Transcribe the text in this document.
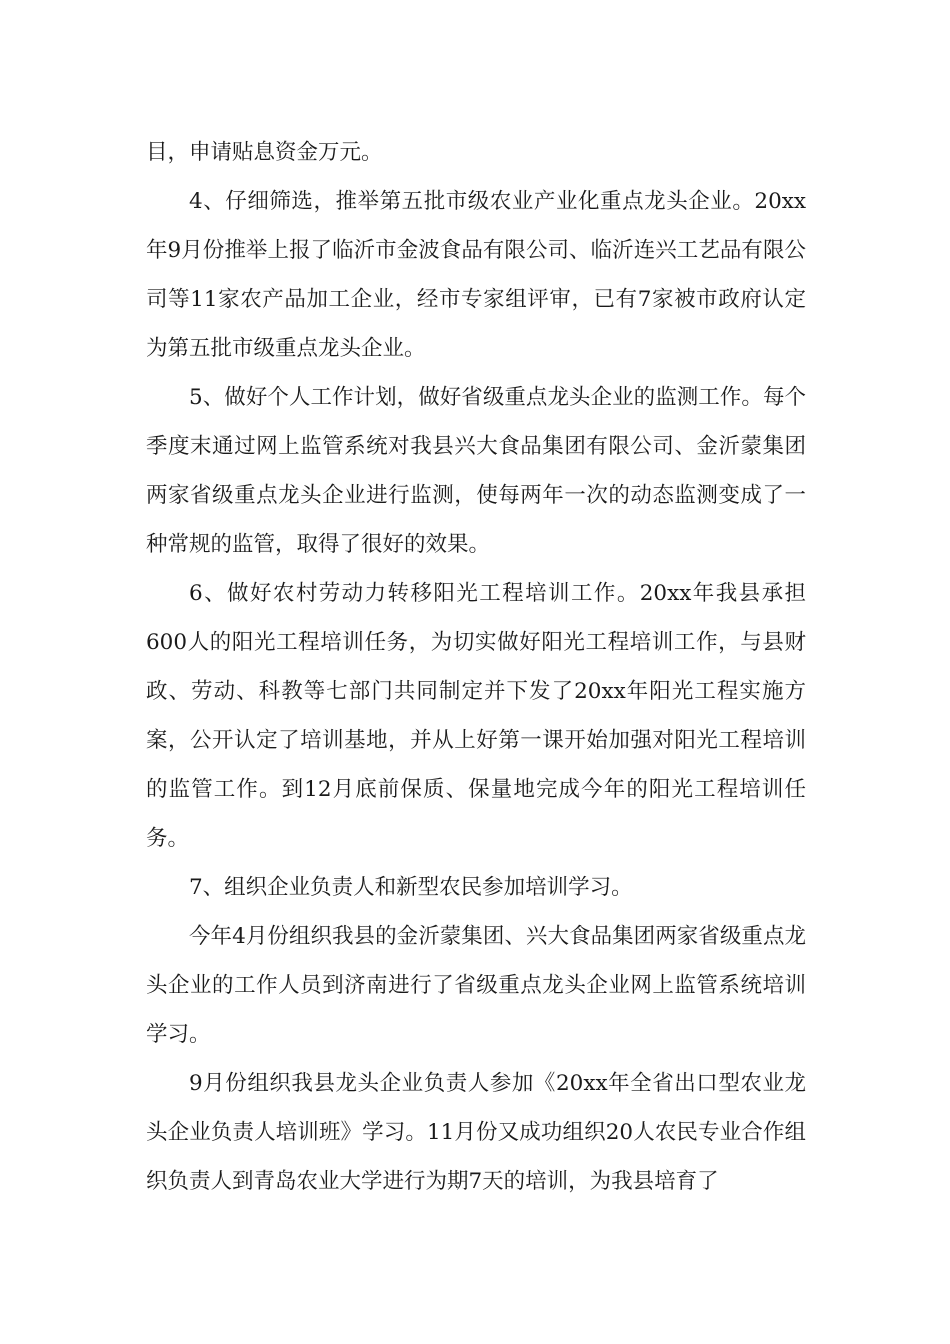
目，申请贴息资金万元。

4、仔细筛选，推举第五批市级农业产业化重点龙头企业。20xx年9月份推举上报了临沂市金波食品有限公司、临沂连兴工艺品有限公司等11家农产品加工企业，经市专家组评审，已有7家被市政府认定为第五批市级重点龙头企业。

5、做好个人工作计划，做好省级重点龙头企业的监测工作。每个季度末通过网上监管系统对我县兴大食品集团有限公司、金沂蒙集团两家省级重点龙头企业进行监测，使每两年一次的动态监测变成了一种常规的监管，取得了很好的效果。

6、做好农村劳动力转移阳光工程培训工作。20xx年我县承担600人的阳光工程培训任务，为切实做好阳光工程培训工作，与县财政、劳动、科教等七部门共同制定并下发了20xx年阳光工程实施方案，公开认定了培训基地，并从上好第一课开始加强对阳光工程培训的监管工作。到12月底前保质、保量地完成今年的阳光工程培训任务。

7、组织企业负责人和新型农民参加培训学习。

今年4月份组织我县的金沂蒙集团、兴大食品集团两家省级重点龙头企业的工作人员到济南进行了省级重点龙头企业网上监管系统培训学习。

9月份组织我县龙头企业负责人参加《20xx年全省出口型农业龙头企业负责人培训班》学习。11月份又成功组织20人农民专业合作组织负责人到青岛农业大学进行为期7天的培训，为我县培育了
